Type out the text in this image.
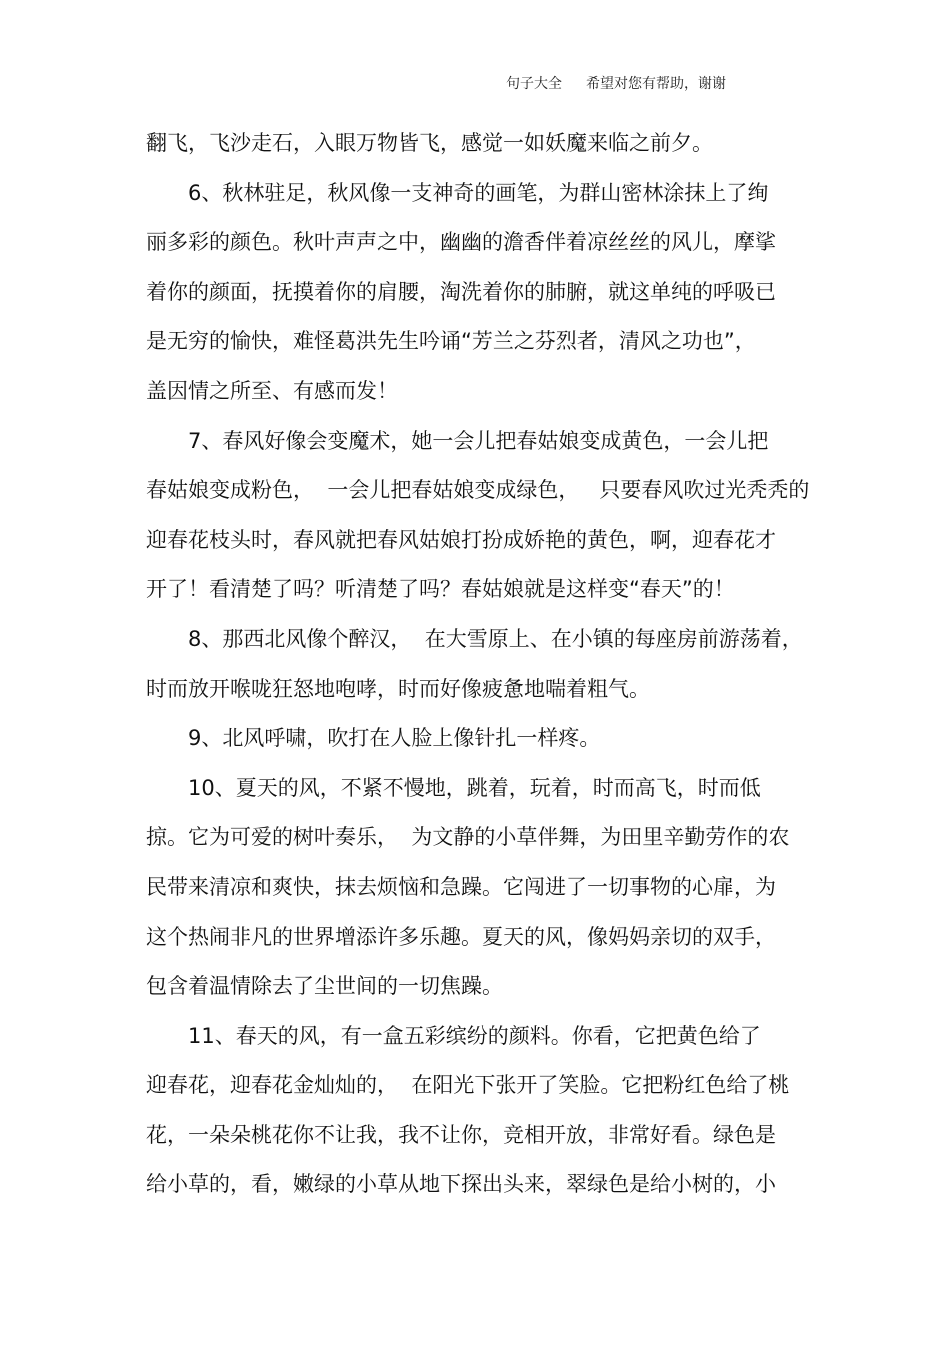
句子大全 希望对您有帮助，谢谢
翻飞，飞沙走石，入眼万物皆飞，感觉一如妖魔来临之前夕。
6、秋林驻足，秋风像一支神奇的画笔，为群山密林涂抹上了绚
丽多彩的颜色。秋叶声声之中，幽幽的澹香伴着凉丝丝的风儿，摩挲
着你的颜面，抚摸着你的肩腰，淘洗着你的肺腑，就这单纯的呼吸已
是无穷的愉快，难怪葛洪先生吟诵“芳兰之芬烈者，清风之功也”，
盖因情之所至、有感而发！
7、春风好像会变魔术，她一会儿把春姑娘变成黄色，一会儿把
春姑娘变成粉色，  一会儿把春姑娘变成绿色，   只要春风吹过光秃秃的
迎春花枝头时，春风就把春风姑娘打扮成娇艳的黄色，啊，迎春花才
开了！看清楚了吗？听清楚了吗？春姑娘就是这样变“春天”的！
8、那西北风像个醉汉，  在大雪原上、在小镇的每座房前游荡着，
时而放开喉咙狂怒地咆哮，时而好像疲惫地喘着粗气。
9、北风呼啸，吹打在人脸上像针扎一样疼。
10、夏天的风，不紧不慢地，跳着，玩着，时而高飞，时而低
掠。它为可爱的树叶奏乐，  为文静的小草伴舞，为田里辛勤劳作的农
民带来清凉和爽快，抹去烦恼和急躁。它闯进了一切事物的心扉，为
这个热闹非凡的世界增添许多乐趣。夏天的风，像妈妈亲切的双手，
包含着温情除去了尘世间的一切焦躁。
11、春天的风，有一盒五彩缤纷的颜料。你看，它把黄色给了
迎春花，迎春花金灿灿的，  在阳光下张开了笑脸。它把粉红色给了桃
花，一朵朵桃花你不让我，我不让你，竞相开放，非常好看。绿色是
给小草的，看，嫩绿的小草从地下探出头来，翠绿色是给小树的，小
